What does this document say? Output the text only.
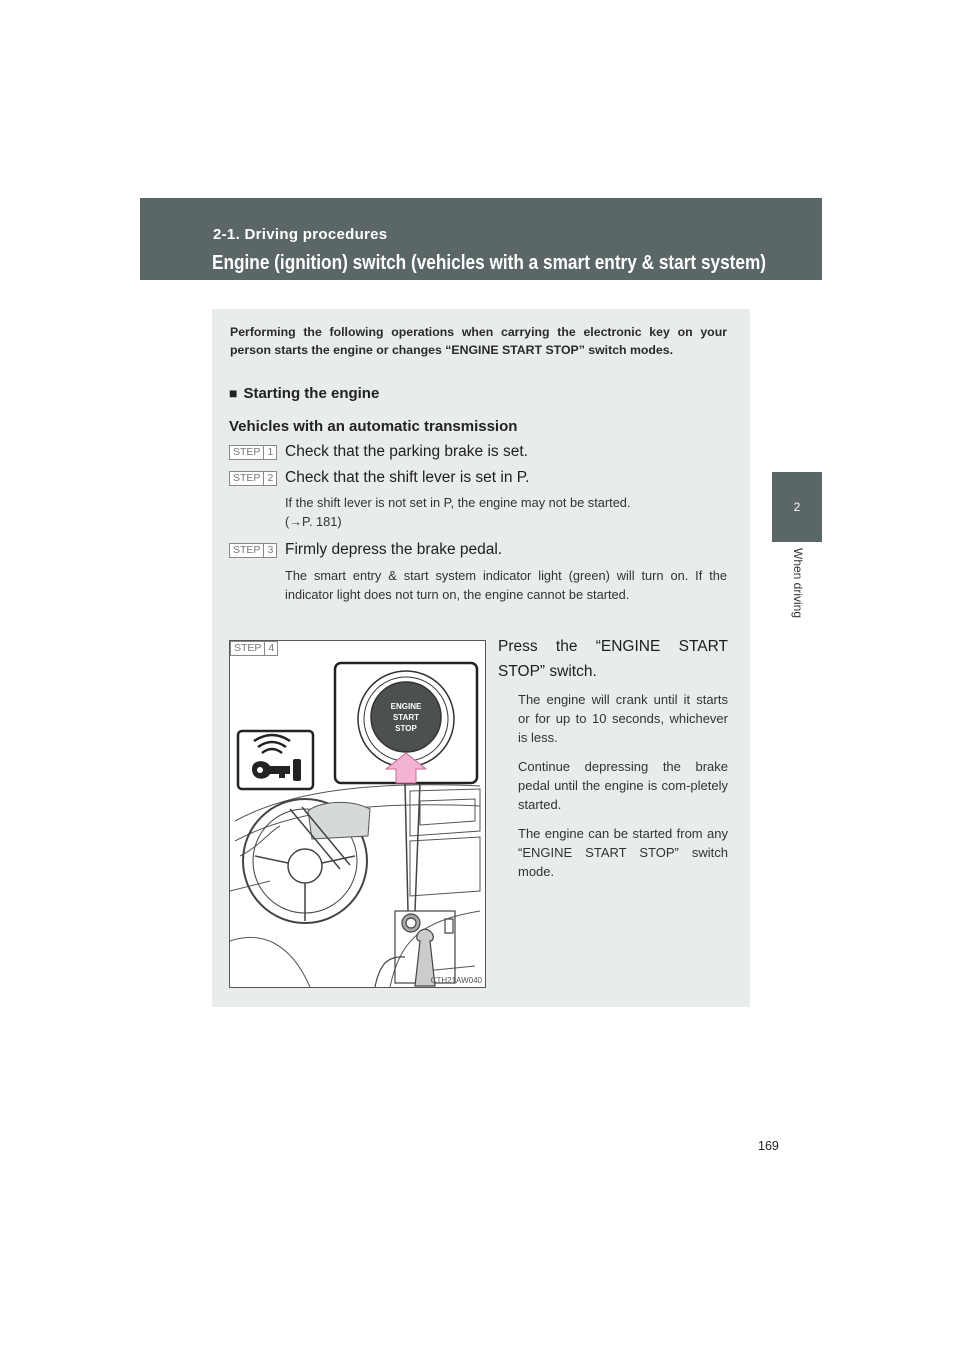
2-1. Driving procedures
Engine (ignition) switch (vehicles with a smart entry & start system)
2
When driving

Performing the following operations when carrying the electronic key on your person starts the engine or changes “ENGINE START STOP” switch modes.

■ Starting the engine
Vehicles with an automatic transmission
STEP 1 Check that the parking brake is set.
STEP 2 Check that the shift lever is set in P.

If the shift lever is not set in P, the engine may not be started.

(→P. 181)

STEP 3 Firmly depress the brake pedal.

The smart entry & start system indicator light (green) will turn on. If the indicator light does not turn on, the engine cannot be started.

STEP 4
ENGINE
START
STOP
CTH21AW040

Press the “ENGINE START STOP” switch.

The engine will crank until it starts or for up to 10 seconds, whichever is less.

Continue depressing the brake pedal until the engine is com-pletely started.

The engine can be started from any “ENGINE START STOP” switch mode.

169
